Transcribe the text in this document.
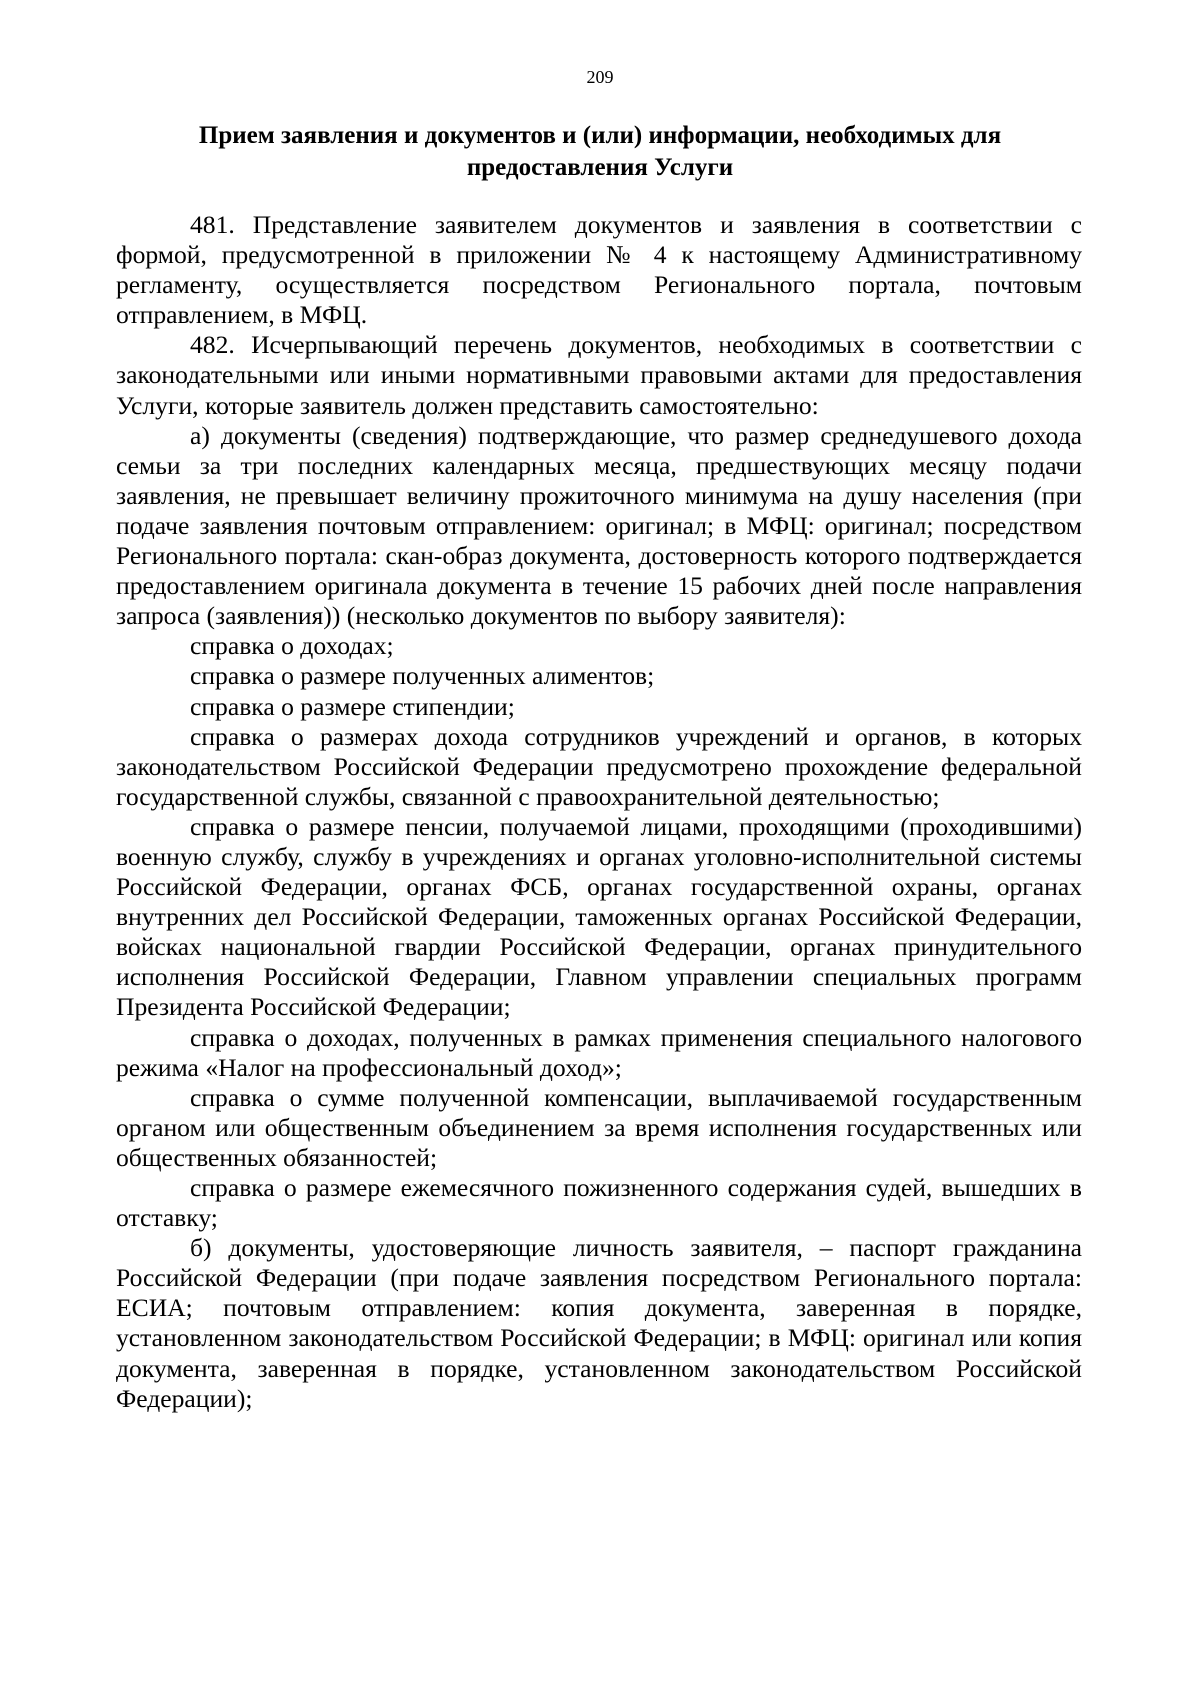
209
Прием заявления и документов и (или) информации, необходимых для предоставления Услуги

481. Представление заявителем документов и заявления в соответствии с формой, предусмотренной в приложении № 4 к настоящему Административному регламенту, осуществляется посредством Регионального портала, почтовым отправлением, в МФЦ.

482. Исчерпывающий перечень документов, необходимых в соответствии с законодательными или иными нормативными правовыми актами для предоставления Услуги, которые заявитель должен представить самостоятельно:

а) документы (сведения) подтверждающие, что размер среднедушевого дохода семьи за три последних календарных месяца, предшествующих месяцу подачи заявления, не превышает величину прожиточного минимума на душу населения (при подаче заявления почтовым отправлением: оригинал; в МФЦ: оригинал; посредством Регионального портала: скан-образ документа, достоверность которого подтверждается предоставлением оригинала документа в течение 15 рабочих дней после направления запроса (заявления)) (несколько документов по выбору заявителя):

справка о доходах;

справка о размере полученных алиментов;

справка о размере стипендии;

справка о размерах дохода сотрудников учреждений и органов, в которых законодательством Российской Федерации предусмотрено прохождение федеральной государственной службы, связанной с правоохранительной деятельностью;

справка о размере пенсии, получаемой лицами, проходящими (проходившими) военную службу, службу в учреждениях и органах уголовно-исполнительной системы Российской Федерации, органах ФСБ, органах государственной охраны, органах внутренних дел Российской Федерации, таможенных органах Российской Федерации, войсках национальной гвардии Российской Федерации, органах принудительного исполнения Российской Федерации, Главном управлении специальных программ Президента Российской Федерации;

справка о доходах, полученных в рамках применения специального налогового режима «Налог на профессиональный доход»;

справка о сумме полученной компенсации, выплачиваемой государственным органом или общественным объединением за время исполнения государственных или общественных обязанностей;

справка о размере ежемесячного пожизненного содержания судей, вышедших в отставку;

б) документы, удостоверяющие личность заявителя, – паспорт гражданина Российской Федерации (при подаче заявления посредством Регионального портала: ЕСИА; почтовым отправлением: копия документа, заверенная в порядке, установленном законодательством Российской Федерации; в МФЦ: оригинал или копия документа, заверенная в порядке, установленном законодательством Российской Федерации);
